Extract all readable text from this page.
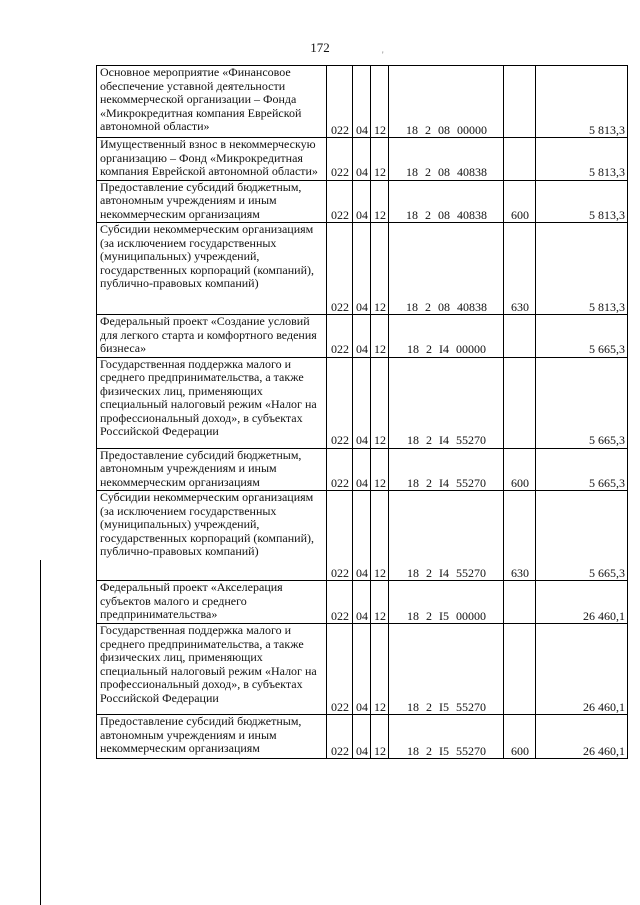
172	'
Основное мероприятие «Финансовое обеспечение уставной деятельности некоммерческой организации – Фонда «Микрокредитная компания Еврейской автономной области»	022	04	12	18 2 08 00000		5 813,3
Имущественный взнос в некоммерческую организацию – Фонд «Микрокредитная компания Еврейской автономной области»	022	04	12	18 2 08 40838		5 813,3
Предоставление субсидий бюджетным, автономным учреждениям и иным некоммерческим организациям	022	04	12	18 2 08 40838	600	5 813,3
Субсидии некоммерческим организациям (за исключением государственных (муниципальных) учреждений, государственных корпораций (компаний), публично-правовых компаний)	022	04	12	18 2 08 40838	630	5 813,3
Федеральный проект «Создание условий для легкого старта и комфортного ведения бизнеса»	022	04	12	18 2 I4 00000		5 665,3
Государственная поддержка малого и среднего предпринимательства, а также физических лиц, применяющих специальный налоговый режим «Налог на профессиональный доход», в субъектах Российской Федерации	022	04	12	18 2 I4 55270		5 665,3
Предоставление субсидий бюджетным, автономным учреждениям и иным некоммерческим организациям	022	04	12	18 2 I4 55270	600	5 665,3
Субсидии некоммерческим организациям (за исключением государственных (муниципальных) учреждений, государственных корпораций (компаний), публично-правовых компаний)	022	04	12	18 2 I4 55270	630	5 665,3
Федеральный проект «Акселерация субъектов малого и среднего предпринимательства»	022	04	12	18 2 I5 00000		26 460,1
Государственная поддержка малого и среднего предпринимательства, а также физических лиц, применяющих специальный налоговый режим «Налог на профессиональный доход», в субъектах Российской Федерации	022	04	12	18 2 I5 55270		26 460,1
Предоставление субсидий бюджетным, автономным учреждениям и иным некоммерческим организациям	022	04	12	18 2 I5 55270	600	26 460,1
